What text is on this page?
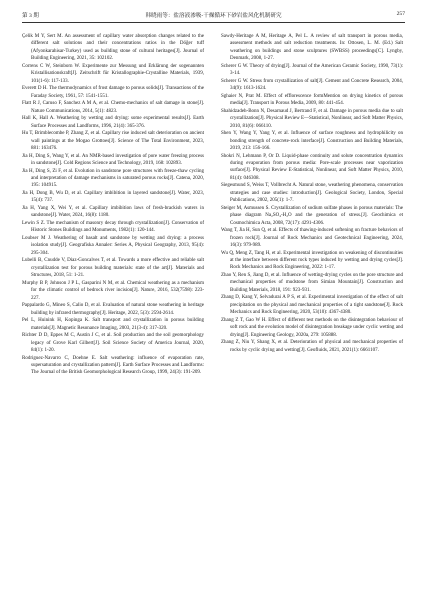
第 3 期	韩晓雨等：盐溶液渗吸-干燥循环下砂岩盐风化机制研究	257

Çelik M Y, Sert M. An assessment of capillary water absorption changes related to the different salt solutions and their concentrations ratios in the Döğer tuff (Afyonkarahisar-Turkey) used as building stone of cultural heritages[J]. Journal of Building Engineering, 2021, 35: 102102.

Correns C W, Steinborn W. Experimente zur Messung und Erklärung der sogenannten Kristallisationskraft[J]. Zeitschrift für Kristallographie-Crystalline Materials, 1939, 101(1-6): 117-133.

Everett D H. The thermodynamics of frost damage to porous solids[J]. Transactions of the Faraday Society, 1961, 57: 1541-1551.

Flatt R J, Caruso F, Sanchez A M A, et al. Chemo-mechanics of salt damage in stone[J]. Nature Communications, 2014, 5(1): 4823.

Hall K, Hall A. Weathering by wetting and drying: some experimental results[J]. Earth Surface Processes and Landforms, 1996, 21(4): 365-376.

Hu T, Brimblecombe P, Zhang Z, et al. Capillary rise induced salt deterioration on ancient wall paintings at the Mogao Grottoes[J]. Science of The Total Environment, 2023, 881: 163476.

Jia H, Ding S, Wang Y, et al. An NMR-based investigation of pore water freezing process in sandstone[J]. Cold Regions Science and Technology, 2019, 168: 102893.

Jia H, Ding S, Zi F, et al. Evolution in sandstone pore structures with freeze-thaw cycling and interpretation of damage mechanisms in saturated porous rocks[J]. Catena, 2020, 195: 104915.

Jia H, Dong B, Wu D, et al. Capillary imbibition in layered sandstone[J]. Water, 2023, 15(4): 737.

Jia H, Yang X, Wei Y, et al. Capillary imbibition laws of fresh-brackish waters in sandstone[J]. Water, 2024, 16(8): 1180.

Lewin S Z. The mechanism of masonry decay through crystallization[J]. Conservation of Historic Stones Buildings and Monuments, 1982(1): 120-144.

Loubser M J. Weathering of basalt and sandstone by wetting and drying: a process isolation study[J]. Geografiska Annaler: Series A, Physical Geography, 2013, 95(4): 295-304.

Lubelli B, Cnudde V, Diaz-Goncalves T, et al. Towards a more effective and reliable salt crystallization test for porous building materials: state of the art[J]. Materials and Structures, 2018, 51: 1-21.

Murphy B P, Johnson J P L, Gasparini N M, et al. Chemical weathering as a mechanism for the climatic control of bedrock river incision[J]. Nature, 2016, 532(7598): 223-227.

Pappalardo G, Mineo S, Calio D, et al. Evaluation of natural stone weathering in heritage building by infrared thermography[J]. Heritage, 2022, 5(3): 2594-2614.

Pel L, Huinink H, Kopinga K. Salt transport and crystallization in porous building materials[J]. Magnetic Resonance Imaging, 2003, 21(3-4): 317-320.

Richter D D, Eppes M C, Austin J C, et al. Soil production and the soil geomorphology legacy of Grove Karl Gilbert[J]. Soil Science Society of America Journal, 2020, 84(1): 1-20.

Rodriguez-Navarro C, Doehne E. Salt weathering: influence of evaporation rate, supersaturation and crystallization pattern[J]. Earth Surface Processes and Landforms: The Journal of the British Geomorphological Research Group, 1999, 24(3): 191-209.

Sawdy-Heritage A M, Heritage A, Pel L. A review of salt transport in porous media, assessment methods and salt reduction treatments. In: Ottosen, L. M. (Ed.) Salt weathering on buildings and stone sculptures (SWBSS) proceedings[C]. Lyngby, Denmark, 2008, 1-27.

Scherer G W. Theory of drying[J]. Journal of the American Ceramic Society, 1990, 73(1): 3-14.

Scherer G W. Stress from crystallization of salt[J]. Cement and Concrete Research, 2004, 34(9): 1613-1624.

Sghaier N, Prat M. Effect of efflorescence formMention on drying kinetics of porous media[J]. Transport in Porous Media, 2009, 80: 441-454.

Shahidzadeh-Bonn N, Desarnaud J, Bertrand F, et al. Damage in porous media due to salt crystallization[J]. Physical Review E—Statistical, Nonlinear, and Soft Matter Physics, 2010, 81(6): 066110.

Shen Y, Wang Y, Yang Y, et al. Influence of surface roughness and hydrophilicity on bonding strength of concrete-rock interface[J]. Construction and Building Materials, 2019, 213: 156-166.

Shokri N, Lehmann P, Or D. Liquid-phase continuity and solute concentration dynamics during evaporation from porous media: Pore-scale processes near vaporization surface[J]. Physical Review E-Statistical, Nonlinear, and Soft Matter Physics, 2010, 81(4): 046308.

Siegesmund S, Weiss T, Vollbrecht A. Natural stone, weathering phenomena, conservation strategies and case studies: introduction[J]. Geological Society, London, Special Publications, 2002, 205(1): 1-7.

Steiger M, Asmussen S. Crystallization of sodium sulfate phases in porous materials: The phase diagram Na₂SO₄-H₂O and the generation of stress.[J]. Geochimica et Cosmochimica Acta, 2008, 72(17): 4291-4306.

Wang T, Jia H, Sun Q, et al. Effects of thawing-induced softening on fracture behaviors of frozen rock[J]. Journal of Rock Mechanics and Geotechnical Engineering, 2024, 16(3): 979-989.

Wu Q, Meng Z, Tang H, et al. Experimental investigation on weakening of discontinuities at the interface between different rock types induced by wetting and drying cycles[J]. Rock Mechanics and Rock Engineering, 2022: 1-17.

Zhao Y, Ren S, Jiang D, et al. Influence of wetting-drying cycles on the pore structure and mechanical properties of mudstone from Simian Mountain[J]. Construction and Building Materials, 2018, 191: 923-931.

Zhang D, Kang Y, Selvadurai A P S, et al. Experimental investigation of the effect of salt precipitation on the physical and mechanical properties of a tight sandstone[J]. Rock Mechanics and Rock Engineering, 2020, 53(10): 4367-4380.

Zhang Z T, Gao W H. Effect of different test methods on the disintegration behaviour of soft rock and the evolution model of disintegration breakage under cyclic wetting and drying[J]. Engineering Geology, 2020a, 279: 105888.

Zhang Z, Niu Y, Shang X, et al. Deterioration of physical and mechanical properties of rocks by cyclic drying and wetting[J]. Geofluids, 2021, 2021(1): 6661107.
